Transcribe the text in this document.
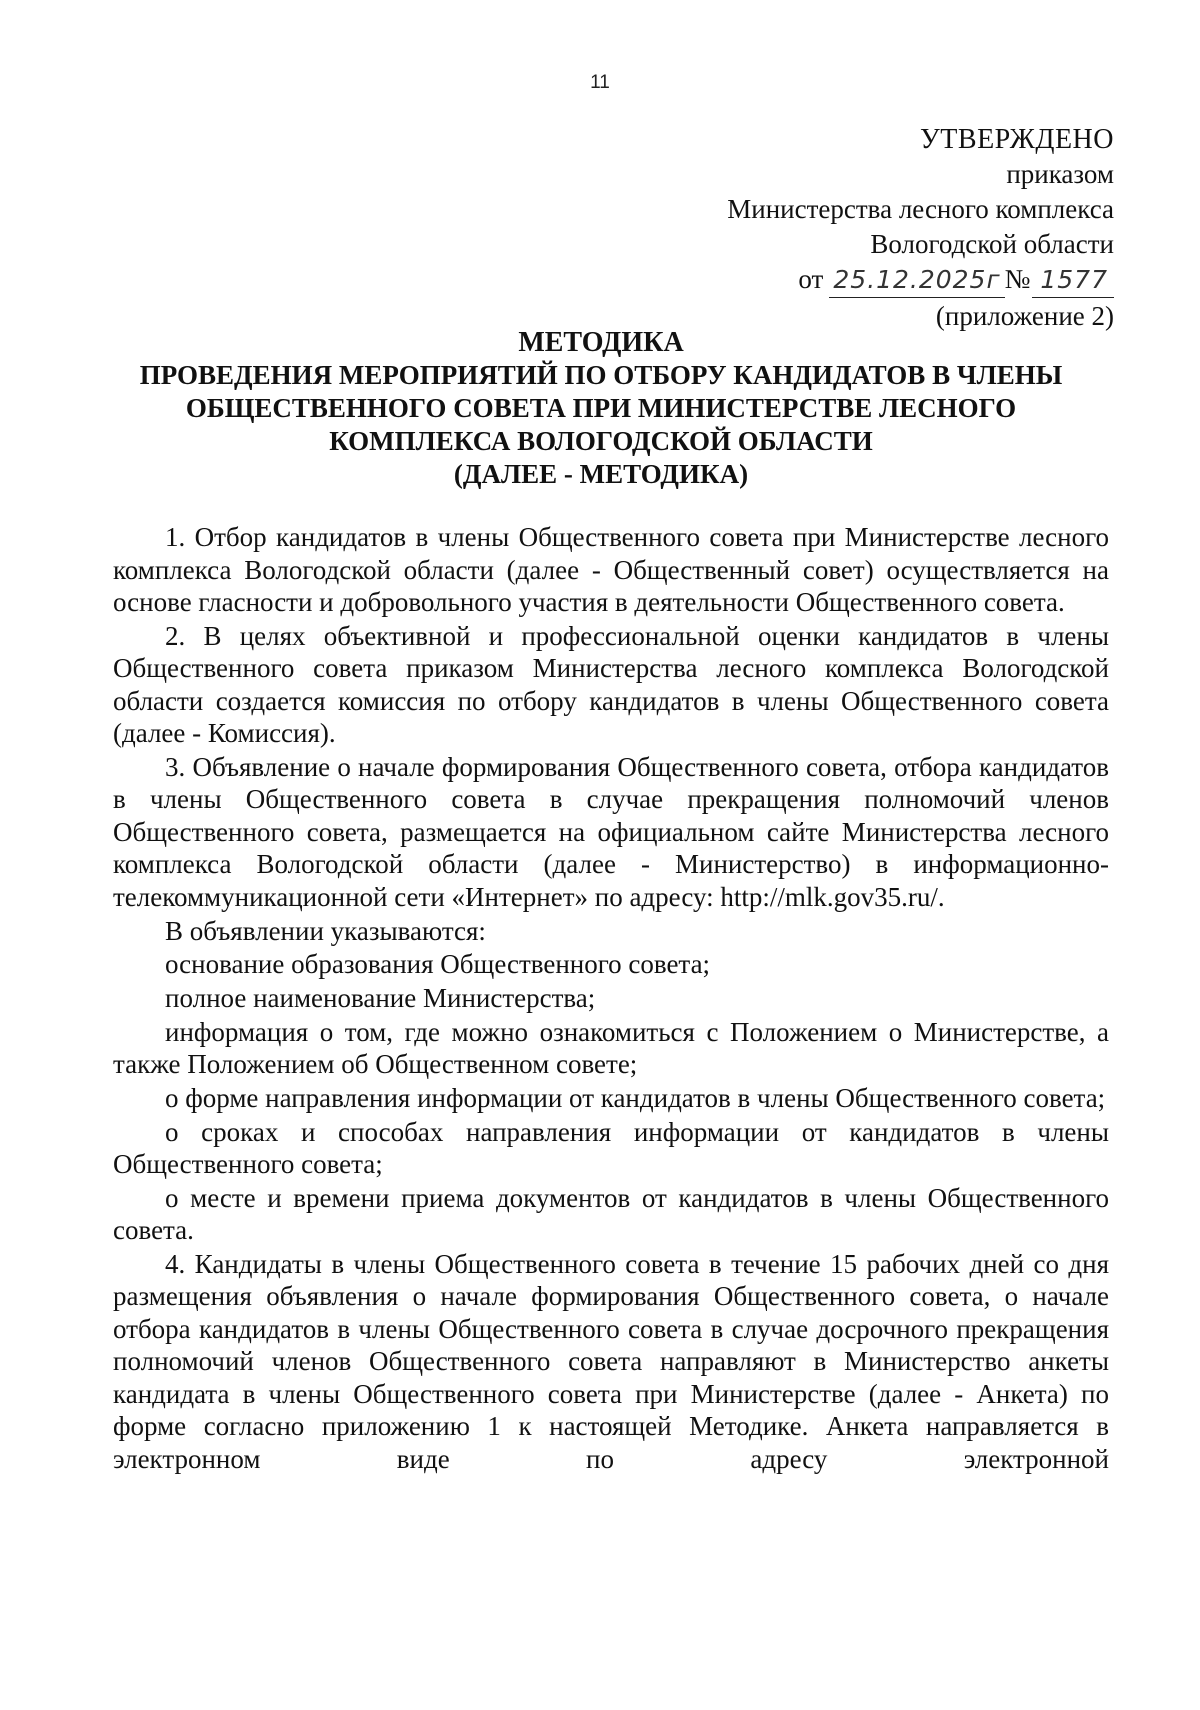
11
УТВЕРЖДЕНО
приказом
Министерства лесного комплекса
Вологодской области
от 25.12.2025г № 1577
(приложение 2)
МЕТОДИКА
ПРОВЕДЕНИЯ МЕРОПРИЯТИЙ ПО ОТБОРУ КАНДИДАТОВ В ЧЛЕНЫ
ОБЩЕСТВЕННОГО СОВЕТА ПРИ МИНИСТЕРСТВЕ ЛЕСНОГО
КОМПЛЕКСА ВОЛОГОДСКОЙ ОБЛАСТИ
(ДАЛЕЕ - МЕТОДИКА)

1. Отбор кандидатов в члены Общественного совета при Министерстве лесного комплекса Вологодской области (далее - Общественный совет) осуществляется на основе гласности и добровольного участия в деятельности Общественного совета.

2. В целях объективной и профессиональной оценки кандидатов в члены Общественного совета приказом Министерства лесного комплекса Вологодской области создается комиссия по отбору кандидатов в члены Общественного совета (далее - Комиссия).

3. Объявление о начале формирования Общественного совета, отбора кандидатов в члены Общественного совета в случае прекращения полномочий членов Общественного совета, размещается на официальном сайте Министерства лесного комплекса Вологодской области (далее - Министерство) в информационно-телекоммуникационной сети «Интернет» по адресу: http://mlk.gov35.ru/.

В объявлении указываются:

основание образования Общественного совета;

полное наименование Министерства;

информация о том, где можно ознакомиться с Положением о Министерстве, а также Положением об Общественном совете;

о форме направления информации от кандидатов в члены Общественного совета;

о сроках и способах направления информации от кандидатов в члены Общественного совета;

о месте и времени приема документов от кандидатов в члены Общественного совета.

4. Кандидаты в члены Общественного совета в течение 15 рабочих дней со дня размещения объявления о начале формирования Общественного совета, о начале отбора кандидатов в члены Общественного совета в случае досрочного прекращения полномочий членов Общественного совета направляют в Министерство анкеты кандидата в члены Общественного совета при Министерстве (далее - Анкета) по форме согласно приложению 1 к настоящей Методике. Анкета направляется в электронном виде по адресу электронной
